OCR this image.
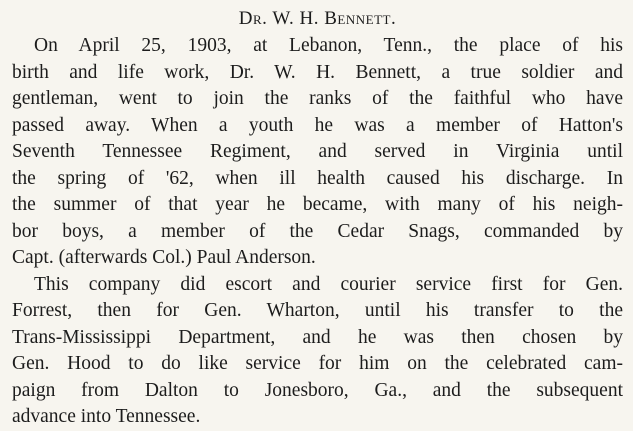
Dr. W. H. Bennett.
On April 25, 1903, at Lebanon, Tenn., the place of his
birth and life work, Dr. W. H. Bennett, a true soldier and
gentleman, went to join the ranks of the faithful who have
passed away. When a youth he was a member of Hatton's
Seventh Tennessee Regiment, and served in Virginia until
the spring of '62, when ill health caused his discharge. In
the summer of that year he became, with many of his neigh-
bor boys, a member of the Cedar Snags, commanded by
Capt. (afterwards Col.) Paul Anderson.
This company did escort and courier service first for Gen.
Forrest, then for Gen. Wharton, until his transfer to the
Trans-Mississippi Department, and he was then chosen by
Gen. Hood to do like service for him on the celebrated cam-
paign from Dalton to Jonesboro, Ga., and the subsequent
advance into Tennessee.
